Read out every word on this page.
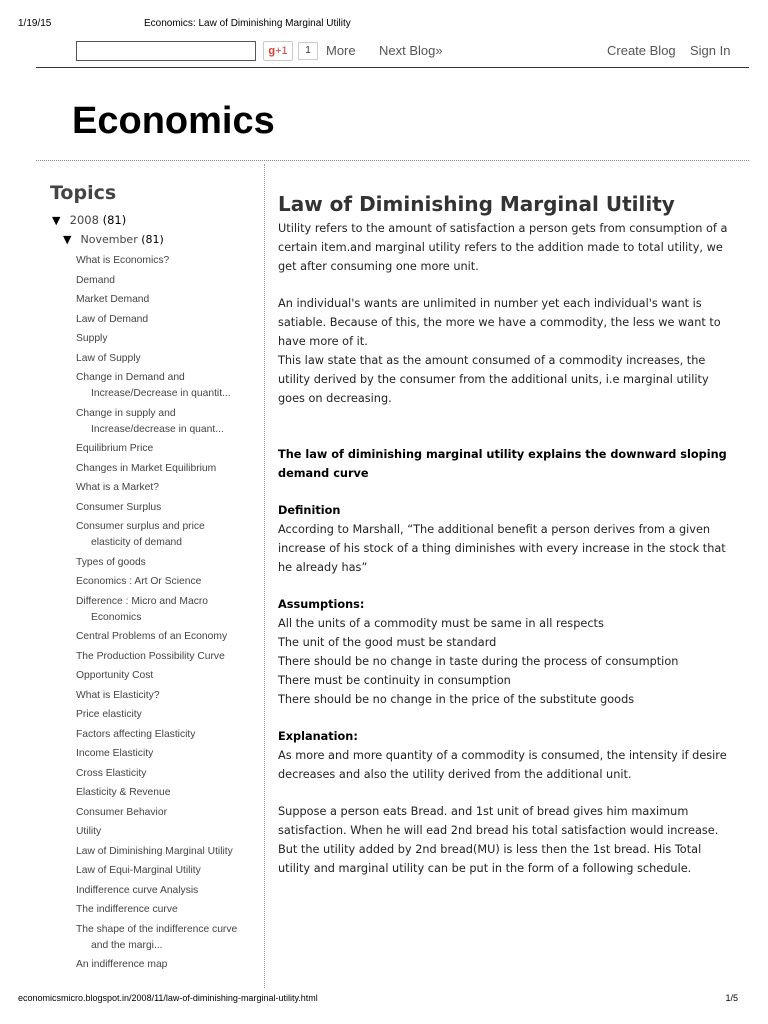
1/19/15	Economics: Law of Diminishing Marginal Utility
g+1	1	More Next Blog»	Create Blog Sign In
Economics
Topics
▼ 2008 (81)
▼ November (81)
What is Economics?
Demand
Market Demand
Law of Demand
Supply
Law of Supply
Change in Demand and
Increase/Decrease in quantit...
Change in supply and
Increase/decrease in quant...
Equilibrium Price
Changes in Market Equilibrium
What is a Market?
Consumer Surplus
Consumer surplus and price
elasticity of demand
Types of goods
Economics : Art Or Science
Difference : Micro and Macro
Economics
Central Problems of an Economy
The Production Possibility Curve
Opportunity Cost
What is Elasticity?
Price elasticity
Factors affecting Elasticity
Income Elasticity
Cross Elasticity
Elasticity & Revenue
Consumer Behavior
Utility
Law of Diminishing Marginal Utility
Law of Equi-Marginal Utility
Indifference curve Analysis
The indifference curve
The shape of the indifference curve
and the margi...
An indifference map
Law of Diminishing Marginal Utility

Utility refers to the amount of satisfaction a person gets from consumption of a certain item.and marginal utility refers to the addition made to total utility, we get after consuming one more unit.

An individual's wants are unlimited in number yet each individual's want is satiable. Because of this, the more we have a commodity, the less we want to have more of it.

This law state that as the amount consumed of a commodity increases, the utility derived by the consumer from the additional units, i.e marginal utility goes on decreasing.

The law of diminishing marginal utility explains the downward sloping demand curve

Definition

According to Marshall, “The additional benefit a person derives from a given increase of his stock of a thing diminishes with every increase in the stock that he already has”

Assumptions:

All the units of a commodity must be same in all respects

The unit of the good must be standard

There should be no change in taste during the process of consumption

There must be continuity in consumption

There should be no change in the price of the substitute goods

Explanation:

As more and more quantity of a commodity is consumed, the intensity if desire decreases and also the utility derived from the additional unit.

Suppose a person eats Bread. and 1st unit of bread gives him maximum satisfaction. When he will ead 2nd bread his total satisfaction would increase. But the utility added by 2nd bread(MU) is less then the 1st bread. His Total utility and marginal utility can be put in the form of a following schedule.

economicsmicro.blogspot.in/2008/11/law-of-diminishing-marginal-utility.html	1/5
